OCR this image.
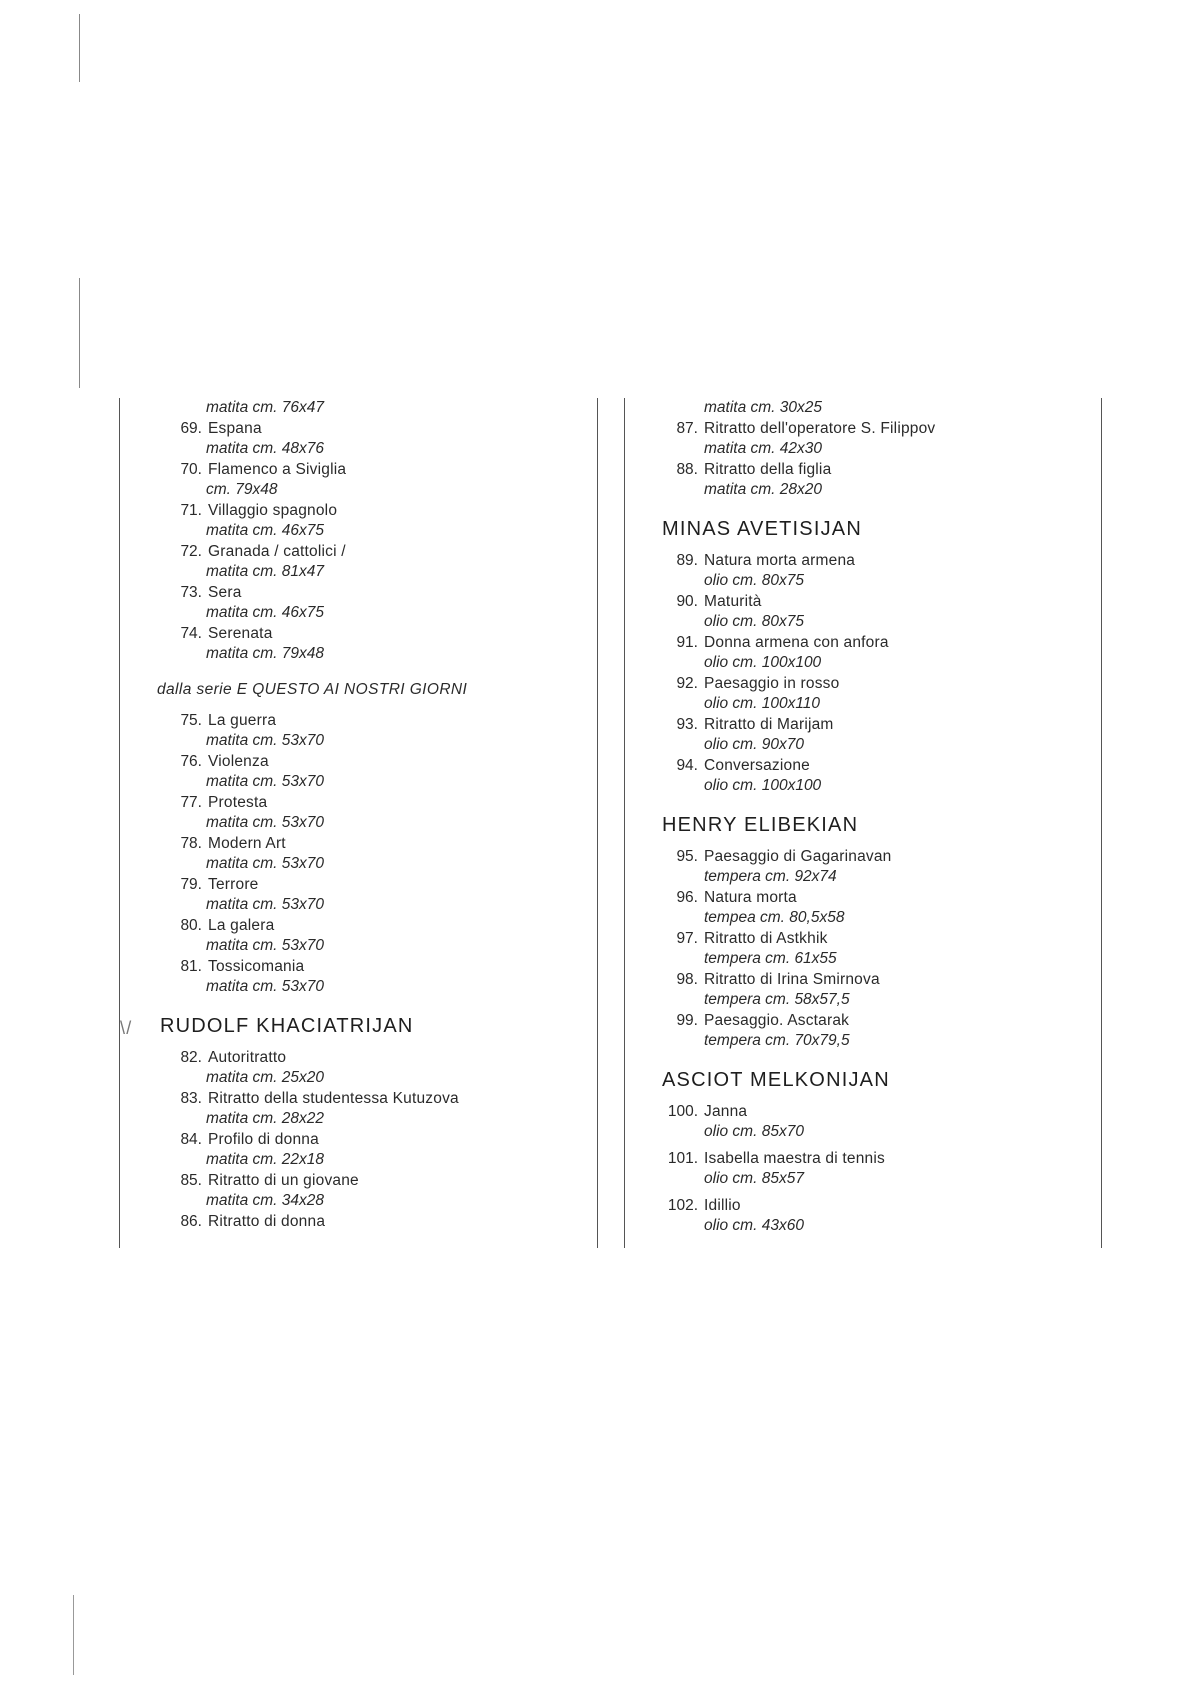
matita cm. 76x47
69. Espana
matita cm. 48x76
70. Flamenco a Siviglia
cm. 79x48
71. Villaggio spagnolo
matita cm. 46x75
72. Granada / cattolici /
matita cm. 81x47
73. Sera
matita cm. 46x75
74. Serenata
matita cm. 79x48
dalla serie E QUESTO AI NOSTRI GIORNI
75. La guerra
matita cm. 53x70
76. Violenza
matita cm. 53x70
77. Protesta
matita cm. 53x70
78. Modern Art
matita cm. 53x70
79. Terrore
matita cm. 53x70
80. La galera
matita cm. 53x70
81. Tossicomania
matita cm. 53x70
\/ RUDOLF KHACIATRIJAN
82. Autoritratto
matita cm. 25x20
83. Ritratto della studentessa Kutuzova
matita cm. 28x22
84. Profilo di donna
matita cm. 22x18
85. Ritratto di un giovane
matita cm. 34x28
86. Ritratto di donna
matita cm. 30x25
87. Ritratto dell'operatore S. Filippov
matita cm. 42x30
88. Ritratto della figlia
matita cm. 28x20
MINAS AVETISIJAN
89. Natura morta armena
olio cm. 80x75
90. Maturità
olio cm. 80x75
91. Donna armena con anfora
olio cm. 100x100
92. Paesaggio in rosso
olio cm. 100x110
93. Ritratto di Marijam
olio cm. 90x70
94. Conversazione
olio cm. 100x100
HENRY ELIBEKIAN
95. Paesaggio di Gagarinavan
tempera cm. 92x74
96. Natura morta
tempea cm. 80,5x58
97. Ritratto di Astkhik
tempera cm. 61x55
98. Ritratto di Irina Smirnova
tempera cm. 58x57,5
99. Paesaggio. Asctarak
tempera cm. 70x79,5
ASCIOT MELKONIJAN
100. Janna
olio cm. 85x70
101. Isabella maestra di tennis
olio cm. 85x57
102. Idillio
olio cm. 43x60
